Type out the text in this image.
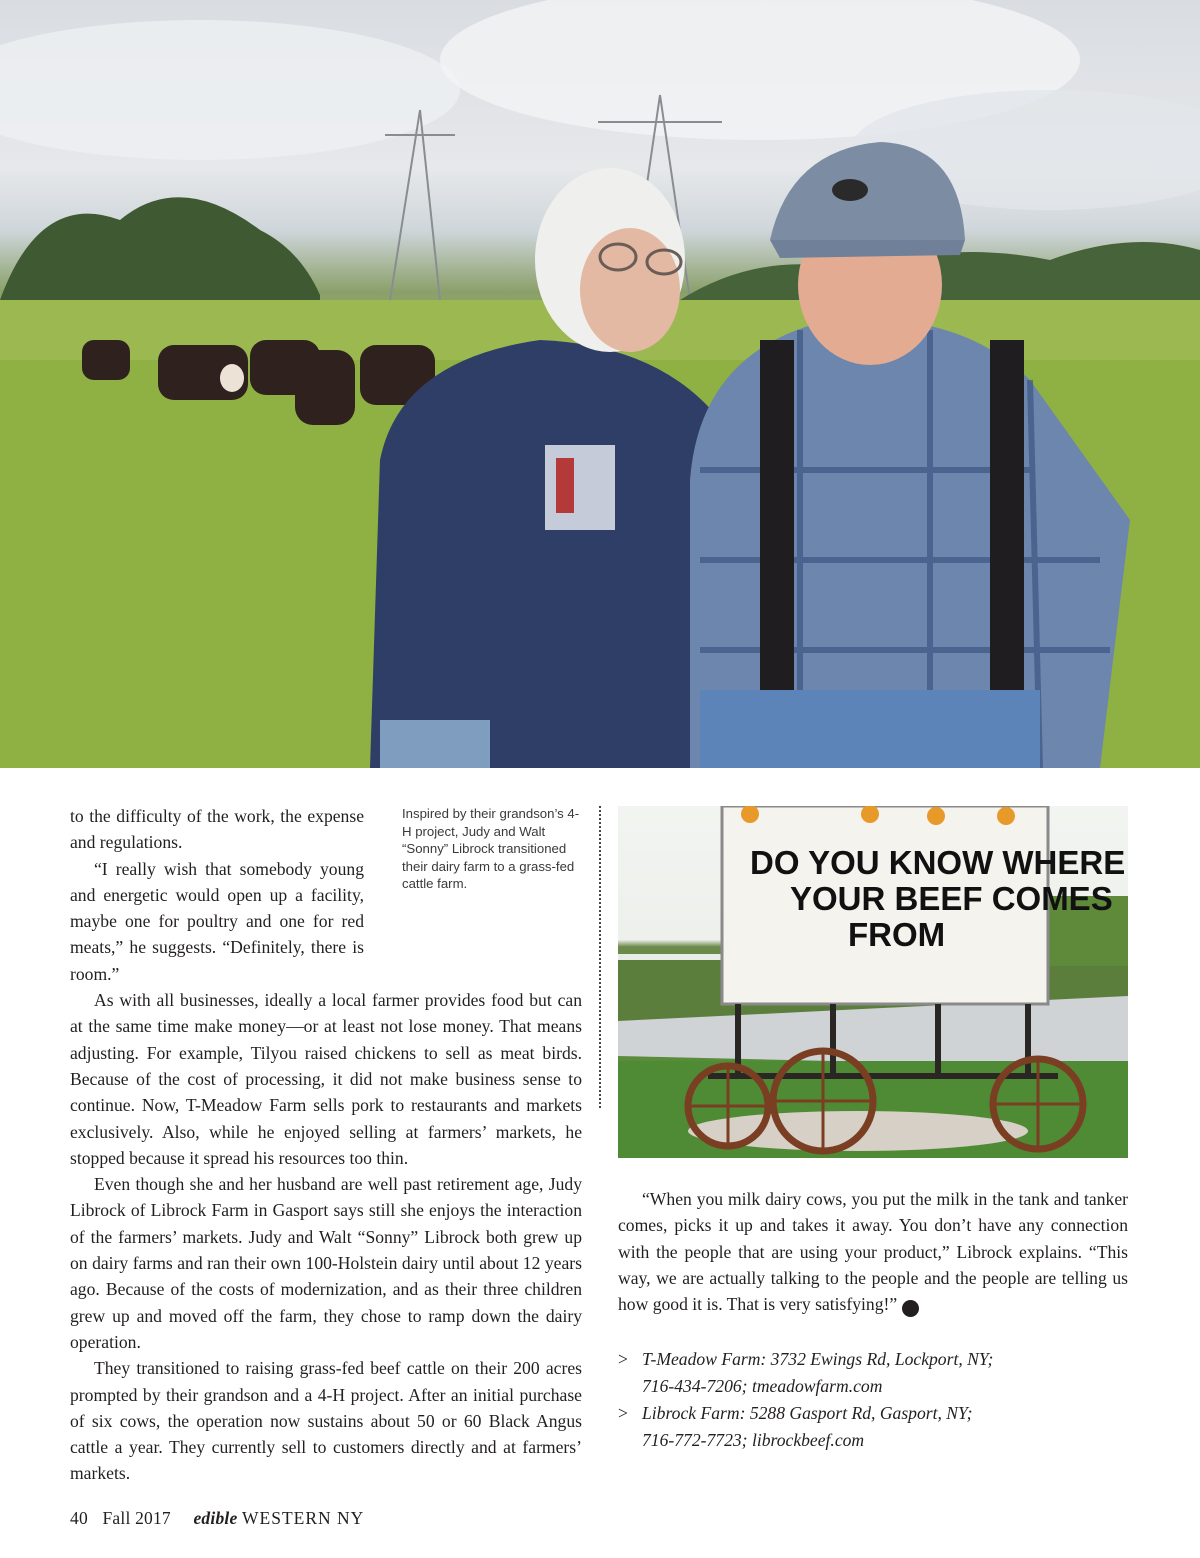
Inspired by their grandson’s 4-H project, Judy and Walt “Sonny” Librock transitioned their dairy farm to a grass-fed cattle farm.

to the difficulty of the work, the expense and regulations.

“I really wish that somebody young and energetic would open up a facility, maybe one for poultry and one for red meats,” he suggests. “Definitely, there is room.”

As with all businesses, ideally a local farmer provides food but can at the same time make money—or at least not lose money. That means adjusting. For example, Tilyou raised chickens to sell as meat birds. Because of the cost of processing, it did not make business sense to continue. Now, T-Meadow Farm sells pork to restaurants and markets exclusively. Also, while he enjoyed selling at farmers’ markets, he stopped because it spread his resources too thin.

Even though she and her husband are well past retirement age, Judy Librock of Librock Farm in Gasport says still she enjoys the interaction of the farmers’ markets. Judy and Walt “Sonny” Librock both grew up on dairy farms and ran their own 100-Holstein dairy until about 12 years ago. Because of the costs of modernization, and as their three children grew up and moved off the farm, they chose to ramp down the dairy operation.

They transitioned to raising grass-fed beef cattle on their 200 acres prompted by their grandson and a 4-H project. After an initial purchase of six cows, the operation now sustains about 50 or 60 Black Angus cattle a year. They currently sell to customers directly and at farmers’ markets.

DO YOU KNOW WHERE
YOUR BEEF COMES
FROM

“When you milk dairy cows, you put the milk in the tank and tanker comes, picks it up and takes it away. You don’t have any connection with the people that are using your product,” Librock explains. “This way, we are actually talking to the people and the people are telling us how good it is. That is very satisfying!” e

> T-Meadow Farm: 3732 Ewings Rd, Lockport, NY;
716-434-7206; tmeadowfarm.com
> Librock Farm: 5288 Gasport Rd, Gasport, NY;
716-772-7723; librockbeef.com
40 Fall 2017 edible WESTERN NY
